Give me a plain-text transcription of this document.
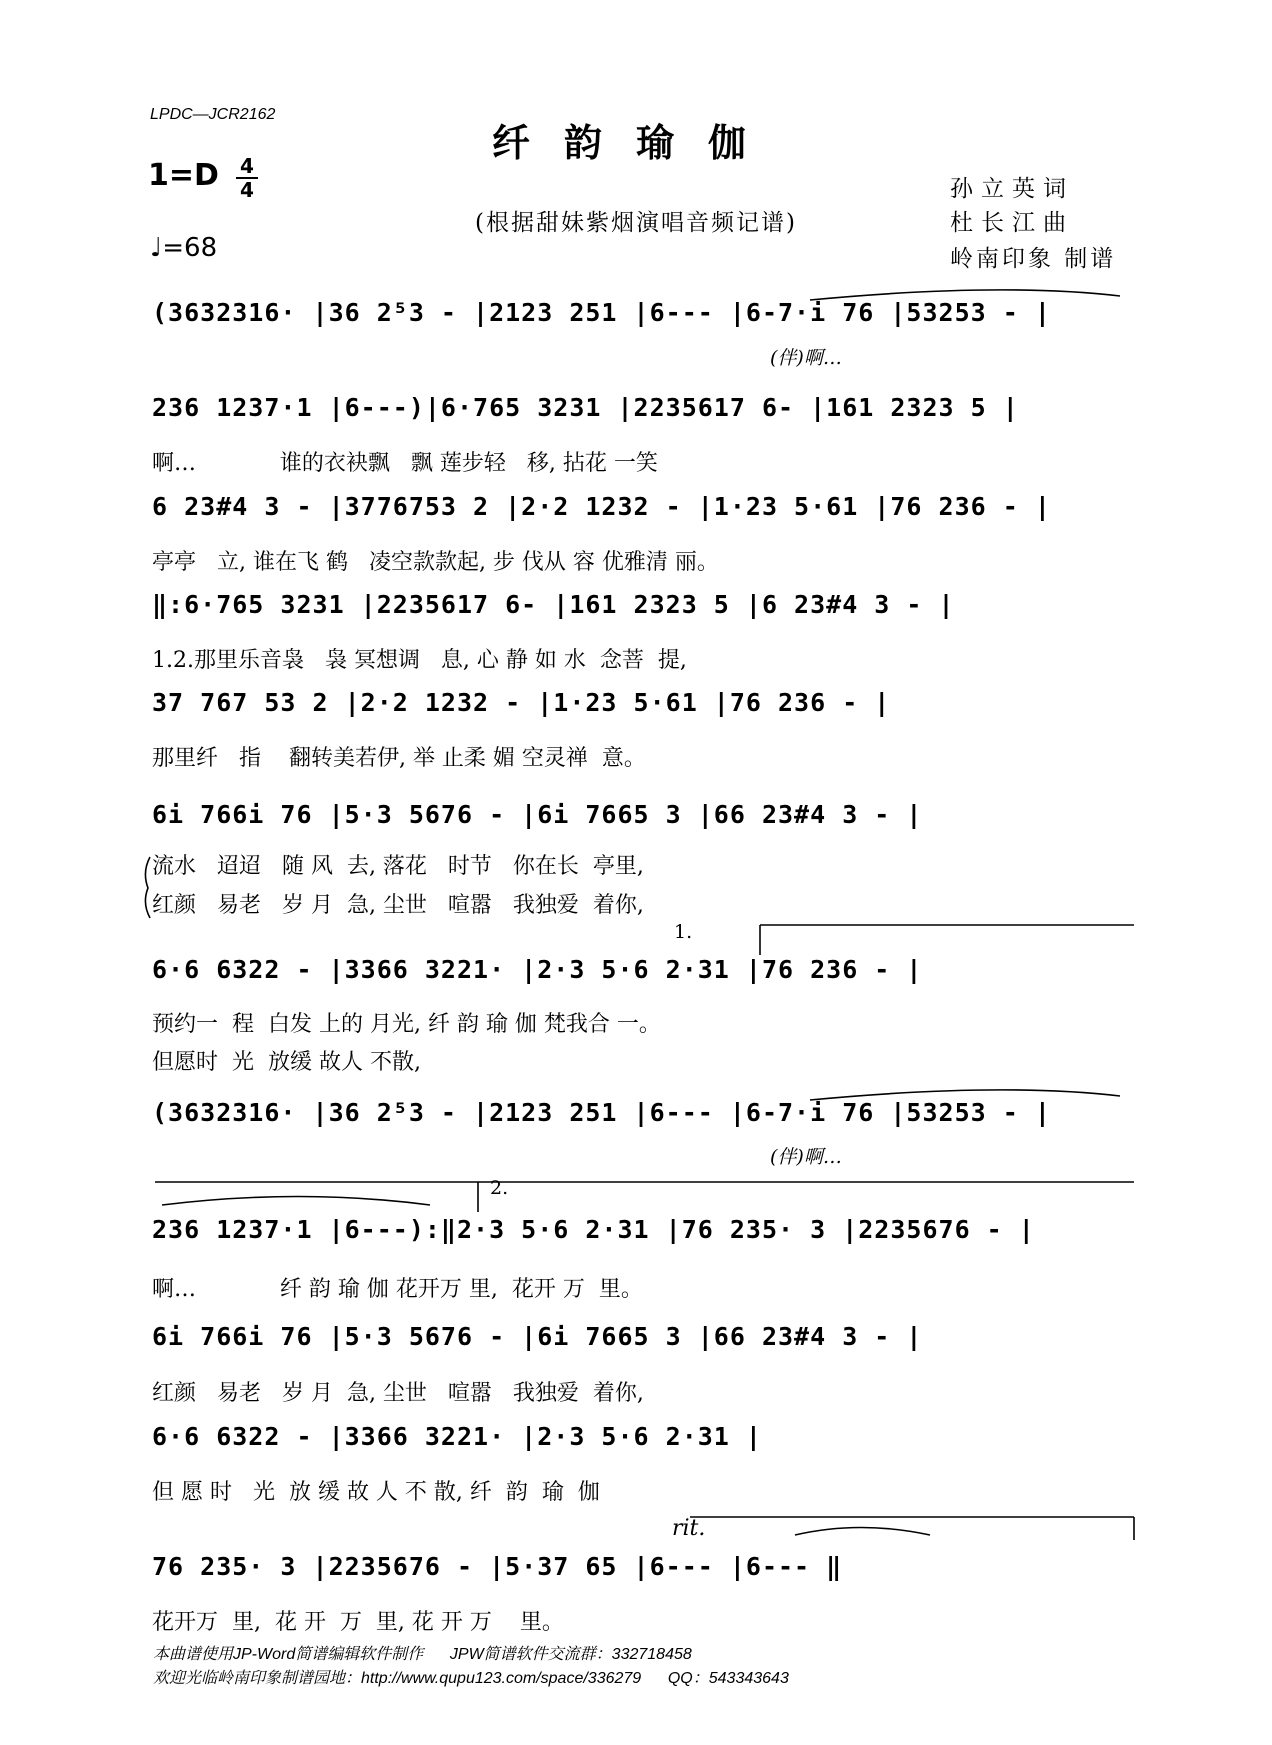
LPDC—JCR2162
纤韵瑜伽
1=D 4
4
♩=68
(根据甜妹紫烟演唱音频记谱)
孙立英词
杜长江曲
岭南印象 制谱
(3632316· |36 2⁵3 - |2123 251 |6--- |6-7·i 76 |53253 - |
(伴)啊…
236 1237·1 |6---)|6·765 3231 |2235617 6- |161 2323 5 |
啊…            谁的衣袂飘   飘 莲步轻   移, 拈花 一笑
6 23#4 3 - |3776753 2 |2·2 1232 - |1·23 5·61 |76 236 - |
亭亭   立, 谁在飞 鹤   凌空款款起, 步 伐从 容 优雅清 丽。
‖:6·765 3231 |2235617 6- |161 2323 5 |6 23#4 3 - |
1.2.那里乐音袅   袅 冥想调   息, 心 静 如 水  念菩  提,
37 767 53 2 |2·2 1232 - |1·23 5·61 |76 236 - |
那里纤   指    翻转美若伊, 举 止柔 媚 空灵禅  意。
6i 766i 76 |5·3 5676 - |6i 7665 3 |66 23#4 3 - |
流水   迢迢   随 风  去, 落花   时节   你在长  亭里,
红颜   易老   岁 月  急, 尘世   喧嚣   我独爱  着你,
1.
6·6 6322 - |3366 3221· |2·3 5·6 2·31 |76 236 - |
预约一  程  白发 上的 月光, 纤 韵 瑜 伽 梵我合 一。
但愿时  光  放缓 故人 不散,
(3632316· |36 2⁵3 - |2123 251 |6--- |6-7·i 76 |53253 - |
(伴)啊…
2.
236 1237·1 |6---):‖2·3 5·6 2·31 |76 235· 3 |2235676 - |
啊…            纤 韵 瑜 伽 花开万 里,  花开 万  里。
6i 766i 76 |5·3 5676 - |6i 7665 3 |66 23#4 3 - |
红颜   易老   岁 月  急, 尘世   喧嚣   我独爱  着你,
6·6 6322 - |3366 3221· |2·3 5·6 2·31 |
但 愿 时   光  放 缓 故 人 不 散, 纤  韵  瑜  伽
rit.
76 235· 3 |2235676 - |5·37 65 |6--- |6--- ‖
花开万  里,  花 开  万  里, 花 开 万    里。
本曲谱使用JP-Word简谱编辑软件制作      JPW简谱软件交流群：332718458
欢迎光临岭南印象制谱园地：http://www.qupu123.com/space/336279      QQ：543343643
